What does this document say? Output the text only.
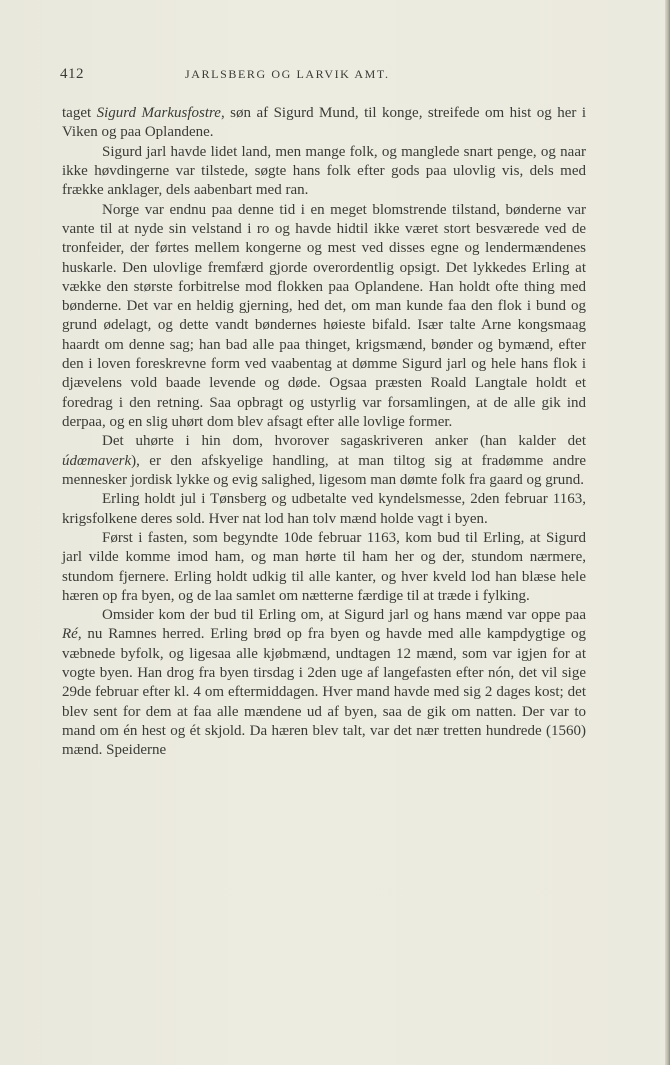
412	JARLSBERG OG LARVIK AMT.

taget Sigurd Markusfostre, søn af Sigurd Mund, til konge, streifede om hist og her i Viken og paa Oplandene.

Sigurd jarl havde lidet land, men mange folk, og manglede snart penge, og naar ikke høvdingerne var tilstede, søgte hans folk efter gods paa ulovlig vis, dels med frække anklager, dels aabenbart med ran.

Norge var endnu paa denne tid i en meget blomstrende tilstand, bønderne var vante til at nyde sin velstand i ro og havde hidtil ikke været stort besværede ved de tronfeider, der førtes mellem kongerne og mest ved disses egne og lendermændenes huskarle. Den ulovlige fremfærd gjorde overordentlig opsigt. Det lykkedes Erling at vække den største forbitrelse mod flokken paa Oplandene. Han holdt ofte thing med bønderne. Det var en heldig gjerning, hed det, om man kunde faa den flok i bund og grund ødelagt, og dette vandt bøndernes høieste bifald. Især talte Arne kongsmaag haardt om denne sag; han bad alle paa thinget, krigsmænd, bønder og bymænd, efter den i loven foreskrevne form ved vaabentag at dømme Sigurd jarl og hele hans flok i djævelens vold baade levende og døde. Ogsaa præsten Roald Langtale holdt et foredrag i den retning. Saa opbragt og ustyrlig var forsamlingen, at de alle gik ind derpaa, og en slig uhørt dom blev afsagt efter alle lovlige former.

Det uhørte i hin dom, hvorover sagaskriveren anker (han kalder det údœmaverk), er den afskyelige handling, at man tiltog sig at fradømme andre mennesker jordisk lykke og evig salighed, ligesom man dømte folk fra gaard og grund.

Erling holdt jul i Tønsberg og udbetalte ved kyndelsmesse, 2den februar 1163, krigsfolkene deres sold. Hver nat lod han tolv mænd holde vagt i byen.

Først i fasten, som begyndte 10de februar 1163, kom bud til Erling, at Sigurd jarl vilde komme imod ham, og man hørte til ham her og der, stundom nærmere, stundom fjernere. Erling holdt udkig til alle kanter, og hver kveld lod han blæse hele hæren op fra byen, og de laa samlet om nætterne færdige til at træde i fylking.

Omsider kom der bud til Erling om, at Sigurd jarl og hans mænd var oppe paa Ré, nu Ramnes herred. Erling brød op fra byen og havde med alle kampdygtige og væbnede byfolk, og ligesaa alle kjøbmænd, undtagen 12 mænd, som var igjen for at vogte byen. Han drog fra byen tirsdag i 2den uge af langefasten efter nón, det vil sige 29de februar efter kl. 4 om eftermiddagen. Hver mand havde med sig 2 dages kost; det blev sent for dem at faa alle mændene ud af byen, saa de gik om natten. Der var to mand om én hest og ét skjold. Da hæren blev talt, var det nær tretten hundrede (1560) mænd. Speiderne
